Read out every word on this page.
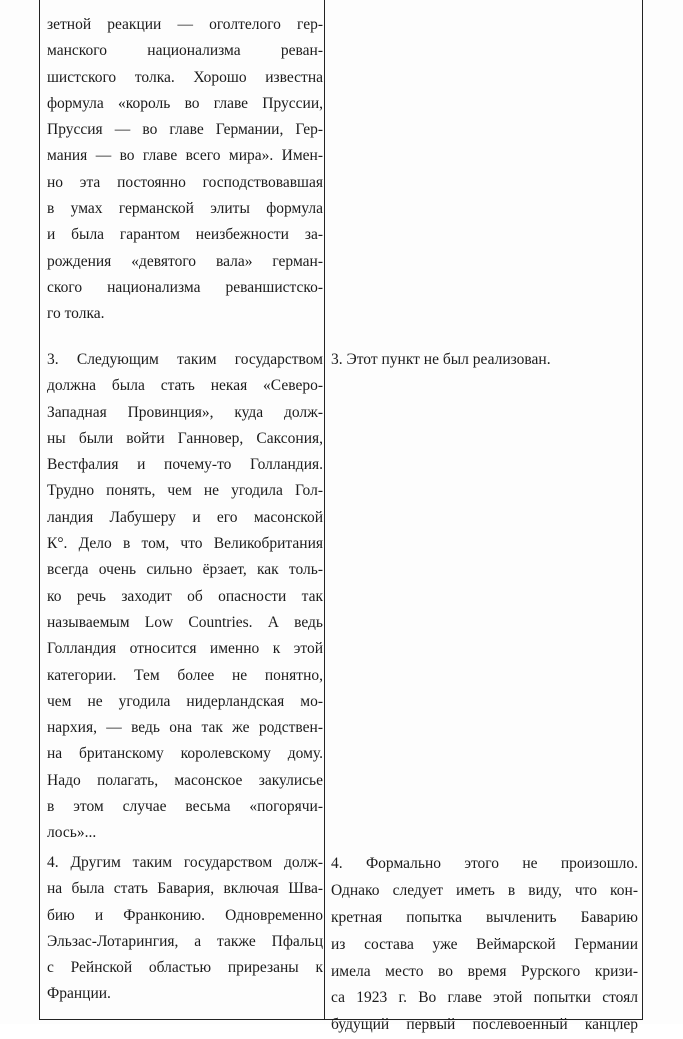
зетной реакции — оголтелого гер-
манского национализма реван-
шистского толка. Хорошо известна
формула «король во главе Пруссии,
Пруссия — во главе Германии, Гер-
мания — во главе всего мира». Имен-
но эта постоянно господствовавшая
в умах германской элиты формула
и была гарантом неизбежности за-
рождения «девятого вала» герман-
ского национализма реваншистско-
го толка.
3. Следующим таким государством
должна была стать некая «Северо-
Западная Провинция», куда долж-
ны были войти Ганновер, Саксония,
Вестфалия и почему-то Голландия.
Трудно понять, чем не угодила Гол-
ландия Лабушеру и его масонской
К°. Дело в том, что Великобритания
всегда очень сильно ёрзает, как толь-
ко речь заходит об опасности так
называемым Low Countries. А ведь
Голландия относится именно к этой
категории. Тем более не понятно,
чем не угодила нидерландская мо-
нархия, — ведь она так же родствен-
на британскому королевскому дому.
Надо полагать, масонское закулисье
в этом случае весьма «погорячи-
лось»...
3. Этот пункт не был реализован.
4. Другим таким государством долж-
на была стать Бавария, включая Шва-
бию и Франконию. Одновременно
Эльзас-Лотарингия, а также Пфальц
с Рейнской областью прирезаны к
Франции.
4. Формально этого не произошло.
Однако следует иметь в виду, что кон-
кретная попытка вычленить Баварию
из состава уже Веймарской Германии
имела место во время Рурского кризи-
са 1923 г. Во главе этой попытки стоял
будущий первый послевоенный канцлер
